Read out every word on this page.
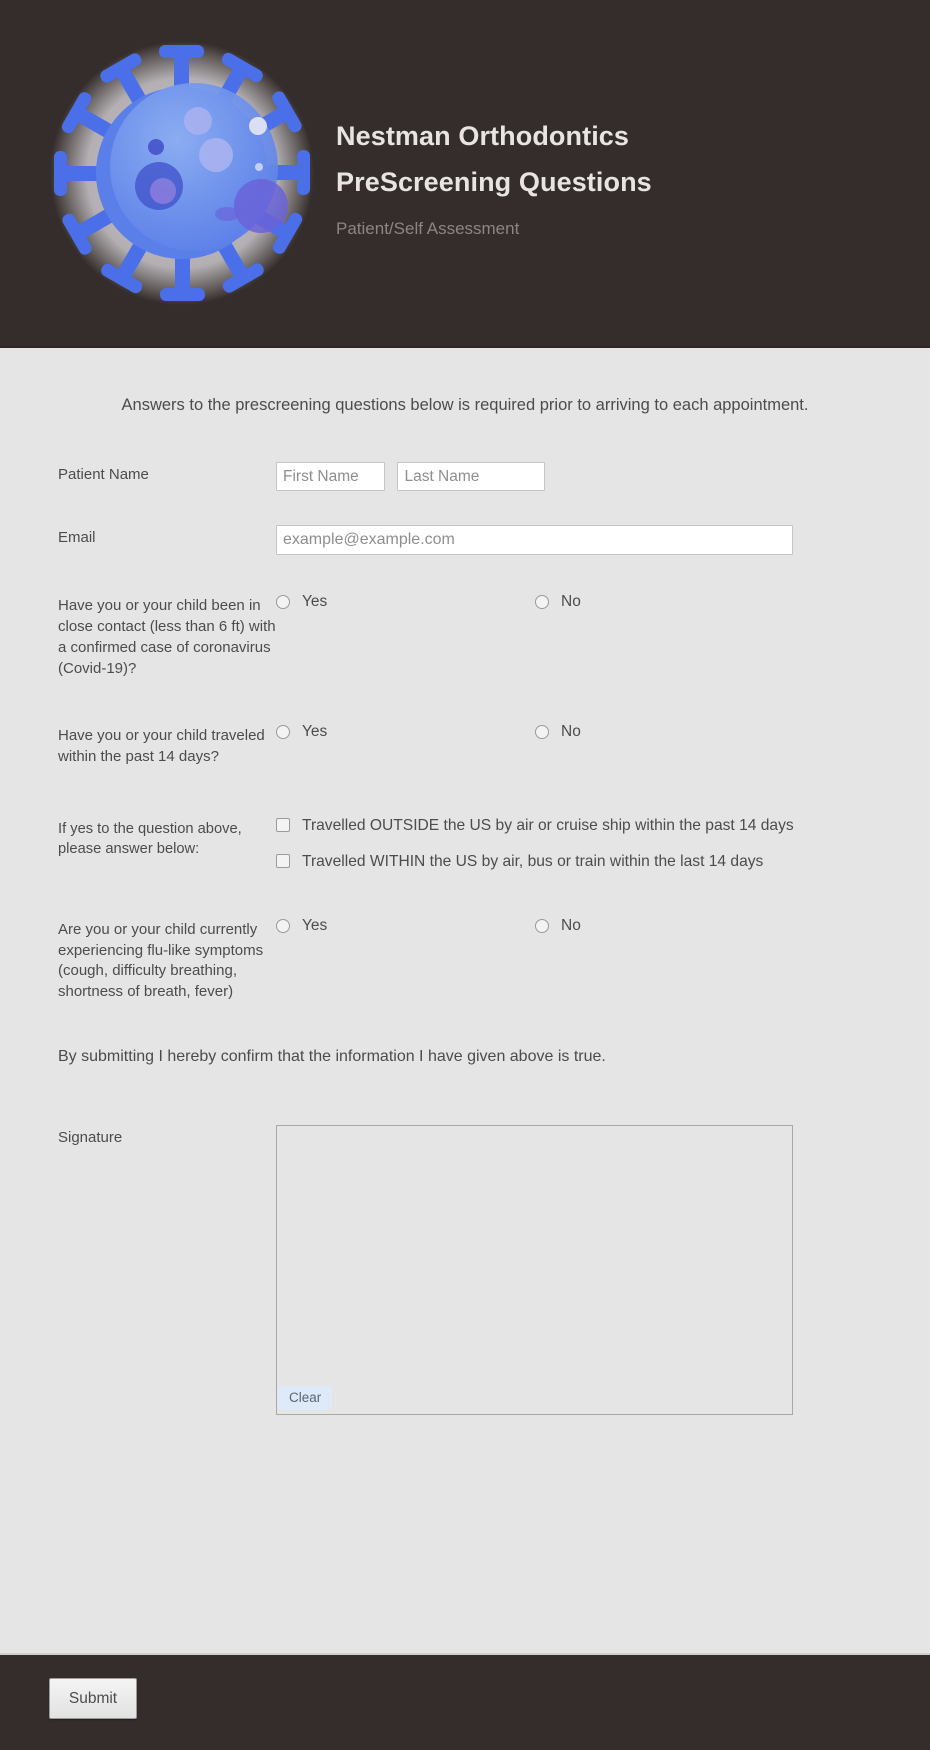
Nestman Orthodontics
PreScreening Questions
Patient/Self Assessment
Answers to the prescreening questions below is required prior to arriving to each appointment.
Patient Name
First Name Last Name
Email
example@example.com
Have you or your child been in close contact (less than 6 ft) with a confirmed case of coronavirus (Covid-19)?
Yes	No
Have you or your child traveled within the past 14 days?
Yes	No
If yes to the question above, please answer below:
Travelled OUTSIDE the US by air or cruise ship within the past 14 days
Travelled WITHIN the US by air, bus or train within the last 14 days
Are you or your child currently experiencing flu-like symptoms (cough, difficulty breathing, shortness of breath, fever)
Yes	No
By submitting I hereby confirm that the information I have given above is true.
Signature
Clear
Submit
